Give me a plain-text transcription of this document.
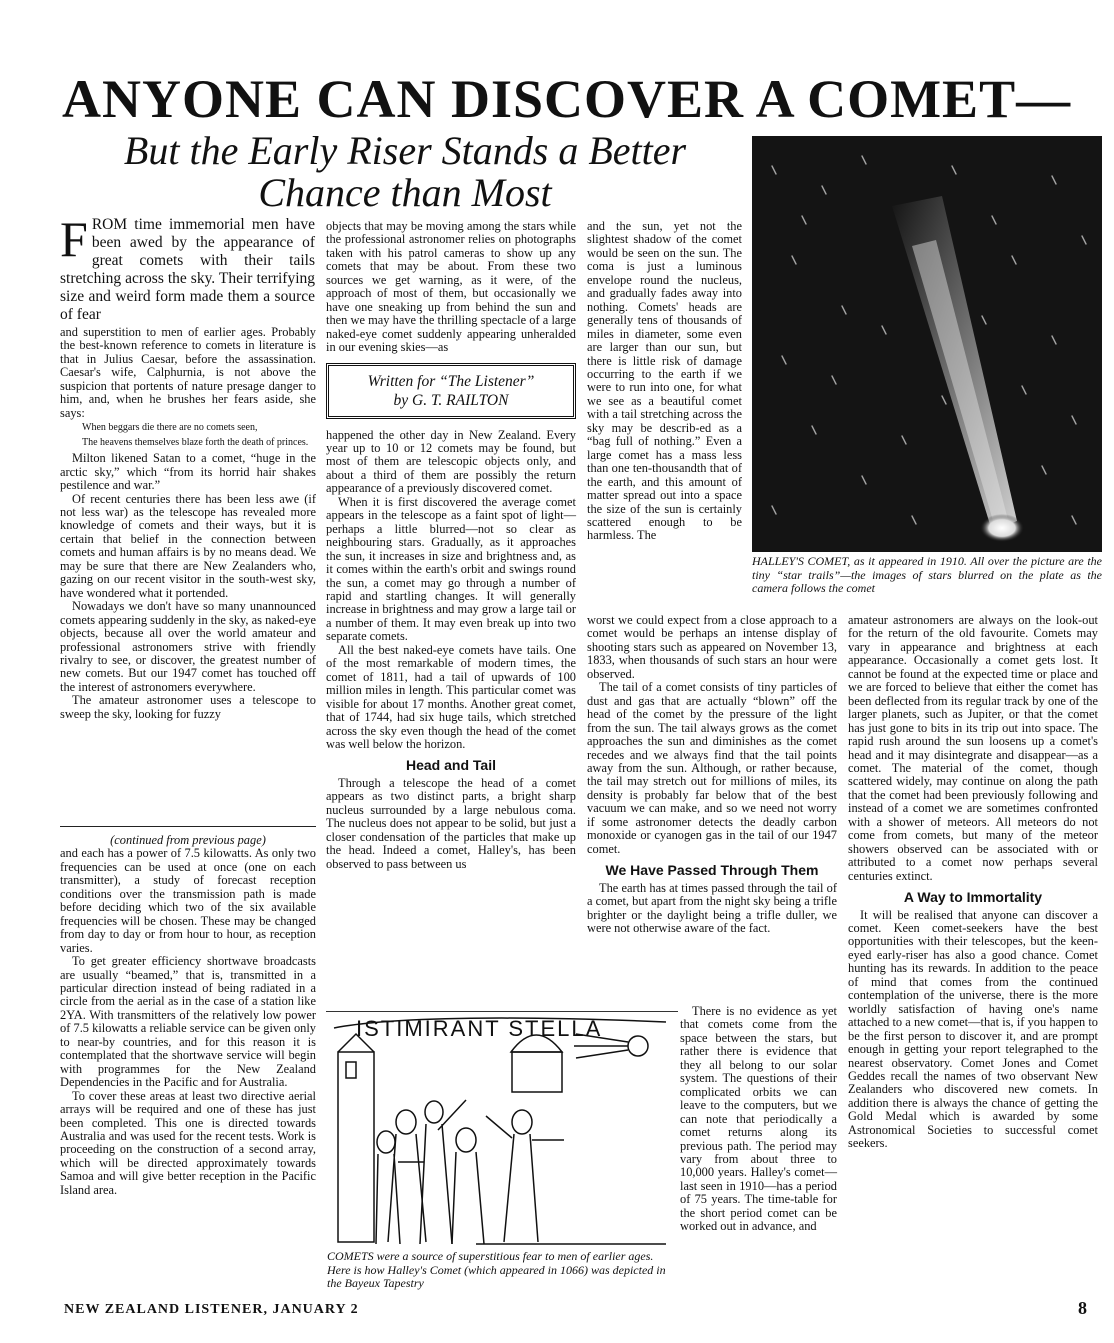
ANYONE CAN DISCOVER A COMET—
But the Early Riser Stands a Better
Chance than Most
FROM time immemorial men have been awed by the appearance of great comets with their tails stretching across the sky. Their terrifying size and weird form made them a source of fear

and superstition to men of earlier ages. Probably the best-known reference to comets in literature is that in Julius Caesar, before the assassination. Caesar's wife, Calphurnia, is not above the suspicion that portents of nature presage danger to him, and, when he brushes her fears aside, she says:

When beggars die there are no comets seen,

The heavens themselves blaze forth the death of princes.

Milton likened Satan to a comet, “huge in the arctic sky,” which “from its horrid hair shakes pestilence and war.”

Of recent centuries there has been less awe (if not less war) as the telescope has revealed more knowledge of comets and their ways, but it is certain that belief in the connection between comets and human affairs is by no means dead. We may be sure that there are New Zealanders who, gazing on our recent visitor in the south-west sky, have wondered what it portended.

Nowadays we don't have so many unannounced comets appearing suddenly in the sky, as naked-eye objects, because all over the world amateur and professional astronomers strive with friendly rivalry to see, or discover, the greatest number of new comets. But our 1947 comet has touched off the interest of astronomers everywhere.

The amateur astronomer uses a telescope to sweep the sky, looking for fuzzy

(continued from previous page)

and each has a power of 7.5 kilowatts. As only two frequencies can be used at once (one on each transmitter), a study of forecast reception conditions over the transmission path is made before deciding which two of the six available frequencies will be chosen. These may be changed from day to day or from hour to hour, as reception varies.

To get greater efficiency shortwave broadcasts are usually “beamed,” that is, transmitted in a particular direction instead of being radiated in a circle from the aerial as in the case of a station like 2YA. With transmitters of the relatively low power of 7.5 kilowatts a reliable service can be given only to near-by countries, and for this reason it is contemplated that the shortwave service will begin with programmes for the New Zealand Dependencies in the Pacific and for Australia.

To cover these areas at least two directive aerial arrays will be required and one of these has just been completed. This one is directed towards Australia and was used for the recent tests. Work is proceeding on the construction of a second array, which will be directed approximately towards Samoa and will give better reception in the Pacific Island area.

objects that may be moving among the stars while the professional astronomer relies on photographs taken with his patrol cameras to show up any comets that may be about. From these two sources we get warning, as it were, of the approach of most of them, but occasionally we have one sneaking up from behind the sun and then we may have the thrilling spectacle of a large naked-eye comet suddenly appearing unheralded in our evening skies—as

Written for “The Listener”
by G. T. RAILTON

happened the other day in New Zealand. Every year up to 10 or 12 comets may be found, but most of them are telescopic objects only, and about a third of them are possibly the return appearance of a previously discovered comet.

When it is first discovered the average comet appears in the telescope as a faint spot of light—perhaps a little blurred—not so clear as neighbouring stars. Gradually, as it approaches the sun, it increases in size and brightness and, as it comes within the earth's orbit and swings round the sun, a comet may go through a number of rapid and startling changes. It will generally increase in brightness and may grow a large tail or a number of them. It may even break up into two separate comets.

All the best naked-eye comets have tails. One of the most remarkable of modern times, the comet of 1811, had a tail of upwards of 100 million miles in length. This particular comet was visible for about 17 months. Another great comet, that of 1744, had six huge tails, which stretched across the sky even though the head of the comet was well below the horizon.

Head and Tail

Through a telescope the head of a comet appears as two distinct parts, a bright sharp nucleus surrounded by a large nebulous coma. The nucleus does not appear to be solid, but just a closer condensation of the particles that make up the head. Indeed a comet, Halley's, has been observed to pass between us

and the sun, yet not the slightest shadow of the comet would be seen on the sun. The coma is just a luminous envelope round the nucleus, and gradually fades away into nothing. Comets' heads are generally tens of thousands of miles in diameter, some even are larger than our sun, but there is little risk of damage occurring to the earth if we were to run into one, for what we see as a beautiful comet with a tail stretching across the sky may be describ-ed as a “bag full of nothing.” Even a large comet has a mass less than one ten-thousandth that of the earth, and this amount of matter spread out into a space the size of the sun is certainly scattered enough to be harmless. The

worst we could expect from a close approach to a comet would be perhaps an intense display of shooting stars such as appeared on November 13, 1833, when thousands of such stars an hour were observed.

The tail of a comet consists of tiny particles of dust and gas that are actually “blown” off the head of the comet by the pressure of the light from the sun. The tail always grows as the comet approaches the sun and diminishes as the comet recedes and we always find that the tail points away from the sun. Although, or rather because, the tail may stretch out for millions of miles, its density is probably far below that of the best vacuum we can make, and so we need not worry if some astronomer detects the deadly carbon monoxide or cyanogen gas in the tail of our 1947 comet.

We Have Passed Through Them

The earth has at times passed through the tail of a comet, but apart from the night sky being a trifle brighter or the daylight being a trifle duller, we were not otherwise aware of the fact.

There is no evidence as yet that comets come from the space between the stars, but rather there is evidence that they all belong to our solar system. The questions of their complicated orbits we can leave to the computers, but we can note that periodically a comet returns along its previous path. The period may vary from about three to 10,000 years. Halley's comet—last seen in 1910—has a period of 75 years. The time-table for the short period comet can be worked out in advance, and

amateur astronomers are always on the look-out for the return of the old favourite. Comets may vary in appearance and brightness at each appearance. Occasionally a comet gets lost. It cannot be found at the expected time or place and we are forced to believe that either the comet has been deflected from its regular track by one of the larger planets, such as Jupiter, or that the comet has just gone to bits in its trip out into space. The rapid rush around the sun loosens up a comet's head and it may disintegrate and disappear—as a comet. The material of the comet, though scattered widely, may continue on along the path that the comet had been previously following and instead of a comet we are sometimes confronted with a shower of meteors. All meteors do not come from comets, but many of the meteor showers observed can be associated with or attributed to a comet now perhaps several centuries extinct.

A Way to Immortality

It will be realised that anyone can discover a comet. Keen comet-seekers have the best opportunities with their telescopes, but the keen-eyed early-riser has also a good chance. Comet hunting has its rewards. In addition to the peace of mind that comes from the continued contemplation of the universe, there is the more worldly satisfaction of having one's name attached to a new comet—that is, if you happen to be the first person to discover it, and are prompt enough in getting your report telegraphed to the nearest observatory. Comet Jones and Comet Geddes recall the names of two observant New Zealanders who discovered new comets. In addition there is always the chance of getting the Gold Medal which is awarded by some Astronomical Societies to successful comet seekers.

HALLEY'S COMET, as it appeared in 1910. All over the picture are the tiny “star trails”—the images of stars blurred on the plate as the camera follows the comet
ISTIMIRANT STELLA
COMETS were a source of superstitious fear to men of earlier ages. Here is how Halley's Comet (which appeared in 1066) was depicted in the Bayeux Tapestry
NEW ZEALAND LISTENER, JANUARY 2	8
